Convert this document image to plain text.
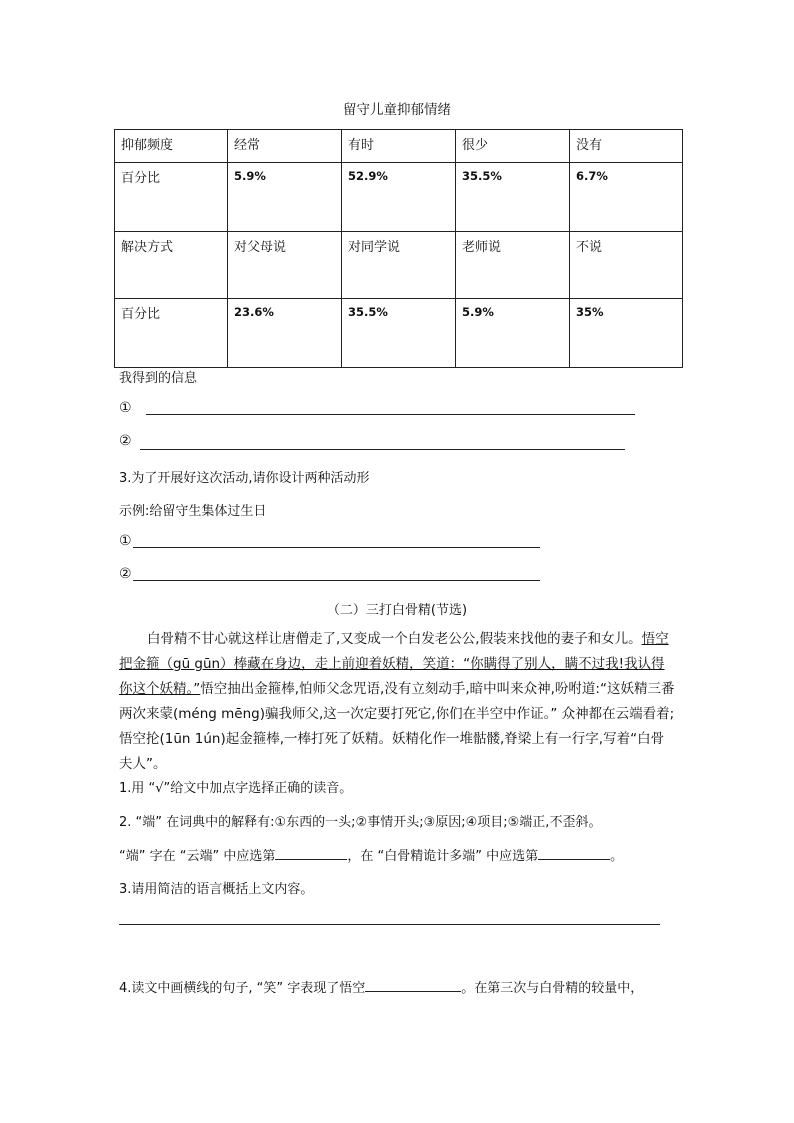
留守儿童抑郁情绪
抑郁频度	经常	有时	很少	没有
百分比	5.9%	52.9%	35.5%	6.7%
解决方式	对父母说	对同学说	老师说	不说
百分比	23.6%	35.5%	5.9%	35%
我得到的信息
①
②
3.为了开展好这次活动,请你设计两种活动形
示例:给留守生集体过生日
①
②
（二）三打白骨精(节选)
白骨精不甘心就这样让唐僧走了,又变成一个白发老公公,假装来找他的妻子和女儿。悟空把金箍（gū gūn）棒藏在身边，走上前迎着妖精，笑道：“你瞒得了别人，瞒不过我!我认得你这个妖精。”悟空抽出金箍棒,怕师父念咒语,没有立刻动手,暗中叫来众神,吩咐道:“这妖精三番两次来蒙(méng mēng)骗我师父,这一次定要打死它,你们在半空中作证。” 众神都在云端看着;悟空抡(1ūn 1ún)起金箍棒,一棒打死了妖精。妖精化作一堆骷髅,脊梁上有一行字,写着“白骨夫人”。
1.用 “√”给文中加点字选择正确的读音。
2. “端” 在词典中的解释有:①东西的一头;②事情开头;③原因;④项目;⑤端正,不歪斜。
“端” 字在 “云端” 中应选第	，在 “白骨精诡计多端” 中应选第	。
3.请用简洁的语言概括上文内容。
4.读文中画横线的句子, “笑” 字表现了悟空	。在第三次与白骨精的较量中，
